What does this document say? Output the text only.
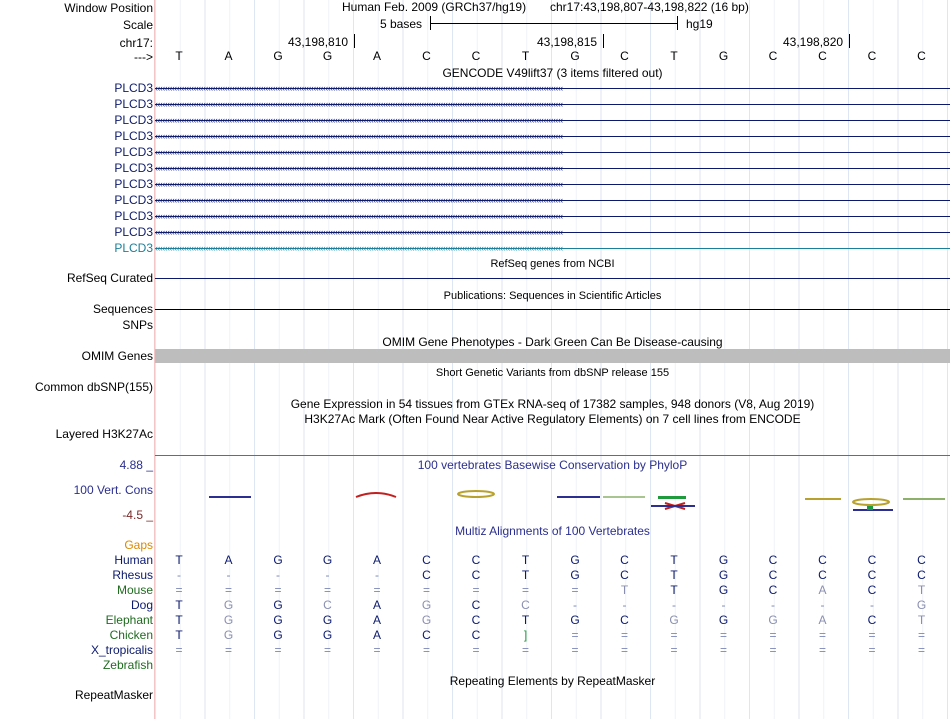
Window Position	Human Feb. 2009 (GRCh37/hg19) chr17:43,198,807-43,198,822 (16 bp)
Scale	5 bases	hg19
chr17:	43,198,810	43,198,815	43,198,820
--->	T	A	G	G	A	C	C	T	G	C	T	G	C	C	C	C
GENCODE V49lift37 (3 items filtered out)
PLCD3 ‹‹‹‹‹‹‹‹‹‹‹‹‹‹‹‹‹‹‹‹‹‹‹‹‹‹‹‹‹‹‹‹‹‹‹‹‹‹‹‹‹‹‹‹‹‹‹‹‹‹‹‹‹‹‹‹‹‹‹‹‹‹‹‹‹‹‹‹‹‹‹‹‹‹‹‹‹‹‹‹‹‹‹‹‹‹‹‹‹‹‹‹‹‹‹‹‹‹‹‹‹‹‹‹‹‹‹‹‹‹‹‹‹‹‹‹‹‹‹‹‹‹‹‹‹‹‹‹‹‹‹‹‹‹‹‹‹‹‹‹‹‹‹‹‹‹‹‹‹‹‹‹‹‹‹‹‹‹‹‹‹‹‹‹‹‹‹‹‹‹
PLCD3 ‹‹‹‹‹‹‹‹‹‹‹‹‹‹‹‹‹‹‹‹‹‹‹‹‹‹‹‹‹‹‹‹‹‹‹‹‹‹‹‹‹‹‹‹‹‹‹‹‹‹‹‹‹‹‹‹‹‹‹‹‹‹‹‹‹‹‹‹‹‹‹‹‹‹‹‹‹‹‹‹‹‹‹‹‹‹‹‹‹‹‹‹‹‹‹‹‹‹‹‹‹‹‹‹‹‹‹‹‹‹‹‹‹‹‹‹‹‹‹‹‹‹‹‹‹‹‹‹‹‹‹‹‹‹‹‹‹‹‹‹‹‹‹‹‹‹‹‹‹‹‹‹‹‹‹‹‹‹‹‹‹‹‹‹‹‹‹‹‹‹
PLCD3 ‹‹‹‹‹‹‹‹‹‹‹‹‹‹‹‹‹‹‹‹‹‹‹‹‹‹‹‹‹‹‹‹‹‹‹‹‹‹‹‹‹‹‹‹‹‹‹‹‹‹‹‹‹‹‹‹‹‹‹‹‹‹‹‹‹‹‹‹‹‹‹‹‹‹‹‹‹‹‹‹‹‹‹‹‹‹‹‹‹‹‹‹‹‹‹‹‹‹‹‹‹‹‹‹‹‹‹‹‹‹‹‹‹‹‹‹‹‹‹‹‹‹‹‹‹‹‹‹‹‹‹‹‹‹‹‹‹‹‹‹‹‹‹‹‹‹‹‹‹‹‹‹‹‹‹‹‹‹‹‹‹‹‹‹‹‹‹‹‹‹
PLCD3 ‹‹‹‹‹‹‹‹‹‹‹‹‹‹‹‹‹‹‹‹‹‹‹‹‹‹‹‹‹‹‹‹‹‹‹‹‹‹‹‹‹‹‹‹‹‹‹‹‹‹‹‹‹‹‹‹‹‹‹‹‹‹‹‹‹‹‹‹‹‹‹‹‹‹‹‹‹‹‹‹‹‹‹‹‹‹‹‹‹‹‹‹‹‹‹‹‹‹‹‹‹‹‹‹‹‹‹‹‹‹‹‹‹‹‹‹‹‹‹‹‹‹‹‹‹‹‹‹‹‹‹‹‹‹‹‹‹‹‹‹‹‹‹‹‹‹‹‹‹‹‹‹‹‹‹‹‹‹‹‹‹‹‹‹‹‹‹‹‹‹
PLCD3 ‹‹‹‹‹‹‹‹‹‹‹‹‹‹‹‹‹‹‹‹‹‹‹‹‹‹‹‹‹‹‹‹‹‹‹‹‹‹‹‹‹‹‹‹‹‹‹‹‹‹‹‹‹‹‹‹‹‹‹‹‹‹‹‹‹‹‹‹‹‹‹‹‹‹‹‹‹‹‹‹‹‹‹‹‹‹‹‹‹‹‹‹‹‹‹‹‹‹‹‹‹‹‹‹‹‹‹‹‹‹‹‹‹‹‹‹‹‹‹‹‹‹‹‹‹‹‹‹‹‹‹‹‹‹‹‹‹‹‹‹‹‹‹‹‹‹‹‹‹‹‹‹‹‹‹‹‹‹‹‹‹‹‹‹‹‹‹‹‹‹
PLCD3 ‹‹‹‹‹‹‹‹‹‹‹‹‹‹‹‹‹‹‹‹‹‹‹‹‹‹‹‹‹‹‹‹‹‹‹‹‹‹‹‹‹‹‹‹‹‹‹‹‹‹‹‹‹‹‹‹‹‹‹‹‹‹‹‹‹‹‹‹‹‹‹‹‹‹‹‹‹‹‹‹‹‹‹‹‹‹‹‹‹‹‹‹‹‹‹‹‹‹‹‹‹‹‹‹‹‹‹‹‹‹‹‹‹‹‹‹‹‹‹‹‹‹‹‹‹‹‹‹‹‹‹‹‹‹‹‹‹‹‹‹‹‹‹‹‹‹‹‹‹‹‹‹‹‹‹‹‹‹‹‹‹‹‹‹‹‹‹‹‹‹
PLCD3 ‹‹‹‹‹‹‹‹‹‹‹‹‹‹‹‹‹‹‹‹‹‹‹‹‹‹‹‹‹‹‹‹‹‹‹‹‹‹‹‹‹‹‹‹‹‹‹‹‹‹‹‹‹‹‹‹‹‹‹‹‹‹‹‹‹‹‹‹‹‹‹‹‹‹‹‹‹‹‹‹‹‹‹‹‹‹‹‹‹‹‹‹‹‹‹‹‹‹‹‹‹‹‹‹‹‹‹‹‹‹‹‹‹‹‹‹‹‹‹‹‹‹‹‹‹‹‹‹‹‹‹‹‹‹‹‹‹‹‹‹‹‹‹‹‹‹‹‹‹‹‹‹‹‹‹‹‹‹‹‹‹‹‹‹‹‹‹‹‹‹
PLCD3 ‹‹‹‹‹‹‹‹‹‹‹‹‹‹‹‹‹‹‹‹‹‹‹‹‹‹‹‹‹‹‹‹‹‹‹‹‹‹‹‹‹‹‹‹‹‹‹‹‹‹‹‹‹‹‹‹‹‹‹‹‹‹‹‹‹‹‹‹‹‹‹‹‹‹‹‹‹‹‹‹‹‹‹‹‹‹‹‹‹‹‹‹‹‹‹‹‹‹‹‹‹‹‹‹‹‹‹‹‹‹‹‹‹‹‹‹‹‹‹‹‹‹‹‹‹‹‹‹‹‹‹‹‹‹‹‹‹‹‹‹‹‹‹‹‹‹‹‹‹‹‹‹‹‹‹‹‹‹‹‹‹‹‹‹‹‹‹‹‹‹
PLCD3 ‹‹‹‹‹‹‹‹‹‹‹‹‹‹‹‹‹‹‹‹‹‹‹‹‹‹‹‹‹‹‹‹‹‹‹‹‹‹‹‹‹‹‹‹‹‹‹‹‹‹‹‹‹‹‹‹‹‹‹‹‹‹‹‹‹‹‹‹‹‹‹‹‹‹‹‹‹‹‹‹‹‹‹‹‹‹‹‹‹‹‹‹‹‹‹‹‹‹‹‹‹‹‹‹‹‹‹‹‹‹‹‹‹‹‹‹‹‹‹‹‹‹‹‹‹‹‹‹‹‹‹‹‹‹‹‹‹‹‹‹‹‹‹‹‹‹‹‹‹‹‹‹‹‹‹‹‹‹‹‹‹‹‹‹‹‹‹‹‹‹
PLCD3 ‹‹‹‹‹‹‹‹‹‹‹‹‹‹‹‹‹‹‹‹‹‹‹‹‹‹‹‹‹‹‹‹‹‹‹‹‹‹‹‹‹‹‹‹‹‹‹‹‹‹‹‹‹‹‹‹‹‹‹‹‹‹‹‹‹‹‹‹‹‹‹‹‹‹‹‹‹‹‹‹‹‹‹‹‹‹‹‹‹‹‹‹‹‹‹‹‹‹‹‹‹‹‹‹‹‹‹‹‹‹‹‹‹‹‹‹‹‹‹‹‹‹‹‹‹‹‹‹‹‹‹‹‹‹‹‹‹‹‹‹‹‹‹‹‹‹‹‹‹‹‹‹‹‹‹‹‹‹‹‹‹‹‹‹‹‹‹‹‹‹
PLCD3 ‹‹‹‹‹‹‹‹‹‹‹‹‹‹‹‹‹‹‹‹‹‹‹‹‹‹‹‹‹‹‹‹‹‹‹‹‹‹‹‹‹‹‹‹‹‹‹‹‹‹‹‹‹‹‹‹‹‹‹‹‹‹‹‹‹‹‹‹‹‹‹‹‹‹‹‹‹‹‹‹‹‹‹‹‹‹‹‹‹‹‹‹‹‹‹‹‹‹‹‹‹‹‹‹‹‹‹‹‹‹‹‹‹‹‹‹‹‹‹‹‹‹‹‹‹‹‹‹‹‹‹‹‹‹‹‹‹‹‹‹‹‹‹‹‹‹‹‹‹‹‹‹‹‹‹‹‹‹‹‹‹‹‹‹‹‹‹‹‹‹
RefSeq genes from NCBI
RefSeq Curated
Publications: Sequences in Scientific Articles
Sequences
SNPs
OMIM Gene Phenotypes - Dark Green Can Be Disease-causing
OMIM Genes
Short Genetic Variants from dbSNP release 155
Common dbSNP(155)
Gene Expression in 54 tissues from GTEx RNA-seq of 17382 samples, 948 donors (V8, Aug 2019)
H3K27Ac Mark (Often Found Near Active Regulatory Elements) on 7 cell lines from ENCODE
Layered H3K27Ac
4.88 _	100 vertebrates Basewise Conservation by PhyloP
100 Vert. Cons
-4.5 _
Multiz Alignments of 100 Vertebrates
Gaps
Human	T	A	G	G	A	C	C	T	G	C	T	G	C	C	C	C
Rhesus	-	-	-	-	-	C	C	T	G	C	T	G	C	C	C	C
Mouse	=	=	=	=	=	=	=	=	=	T	T	G	C	A	C	T
Dog	T	G	G	C	A	G	C	C	-	-	-	-	-	-	-	G
Elephant	T	G	G	G	A	G	C	T	G	C	G	G	G	A	C	T
Chicken	T	G	G	G	A	C	C	]	=	=	=	=	=	=	=	=
X_tropicalis	=	=	=	=	=	=	=	=	=	=	=	=	=	=	=	=
Zebrafish
Repeating Elements by RepeatMasker
RepeatMasker
